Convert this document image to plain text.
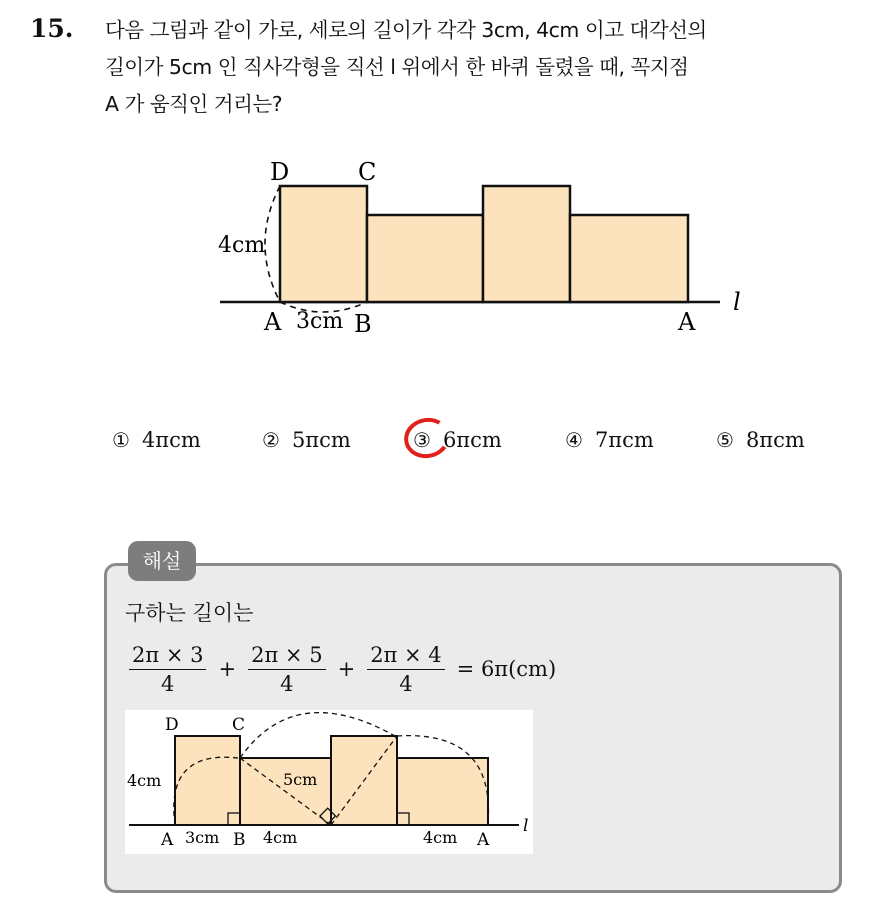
15. 다음 그림과 같이 가로, 세로의 길이가 각각 3cm, 4cm 이고 대각선의
길이가 5cm 인 직사각형을 직선 l 위에서 한 바퀴 돌렸을 때, 꼭지점
A 가 움직인 거리는?
D	C
4cm
A 3cm B	A
l
① 4πcm	② 5πcm	③ 6πcm	④ 7πcm	⑤ 8πcm
해설
구하는 길이는
$\frac{2\pi \times 3}{4} + \frac{2\pi \times 5}{4} + \frac{2\pi \times 4}{4} = 6\pi(cm)$
D	C
4cm	5cm
A 3cm B 4cm	4cm A
l
